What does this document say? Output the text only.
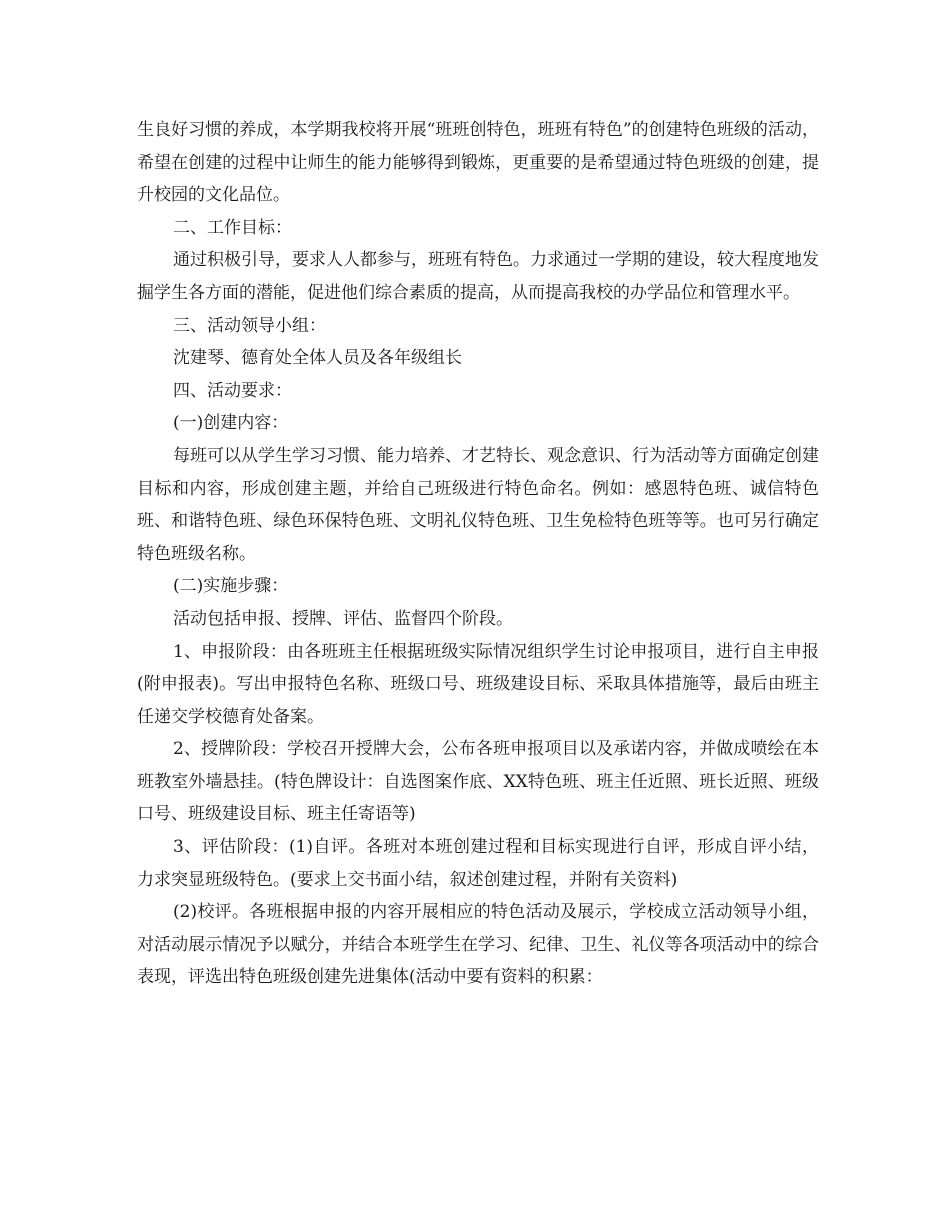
生良好习惯的养成，本学期我校将开展“班班创特色，班班有特色”的创建特色班级的活动，希望在创建的过程中让师生的能力能够得到锻炼，更重要的是希望通过特色班级的创建，提升校园的文化品位。

二、工作目标：

通过积极引导，要求人人都参与，班班有特色。力求通过一学期的建设，较大程度地发掘学生各方面的潜能，促进他们综合素质的提高，从而提高我校的办学品位和管理水平。

三、活动领导小组：

沈建琴、德育处全体人员及各年级组长

四、活动要求：

(一)创建内容：

每班可以从学生学习习惯、能力培养、才艺特长、观念意识、行为活动等方面确定创建目标和内容，形成创建主题，并给自己班级进行特色命名。例如：感恩特色班、诚信特色班、和谐特色班、绿色环保特色班、文明礼仪特色班、卫生免检特色班等等。也可另行确定特色班级名称。

(二)实施步骤：

活动包括申报、授牌、评估、监督四个阶段。

1、申报阶段：由各班班主任根据班级实际情况组织学生讨论申报项目，进行自主申报(附申报表)。写出申报特色名称、班级口号、班级建设目标、采取具体措施等，最后由班主任递交学校德育处备案。

2、授牌阶段：学校召开授牌大会，公布各班申报项目以及承诺内容，并做成喷绘在本班教室外墙悬挂。(特色牌设计：自选图案作底、XX特色班、班主任近照、班长近照、班级口号、班级建设目标、班主任寄语等)

3、评估阶段：(1)自评。各班对本班创建过程和目标实现进行自评，形成自评小结，力求突显班级特色。(要求上交书面小结，叙述创建过程，并附有关资料)

(2)校评。各班根据申报的内容开展相应的特色活动及展示，学校成立活动领导小组，对活动展示情况予以赋分，并结合本班学生在学习、纪律、卫生、礼仪等各项活动中的综合表现，评选出特色班级创建先进集体(活动中要有资料的积累：
